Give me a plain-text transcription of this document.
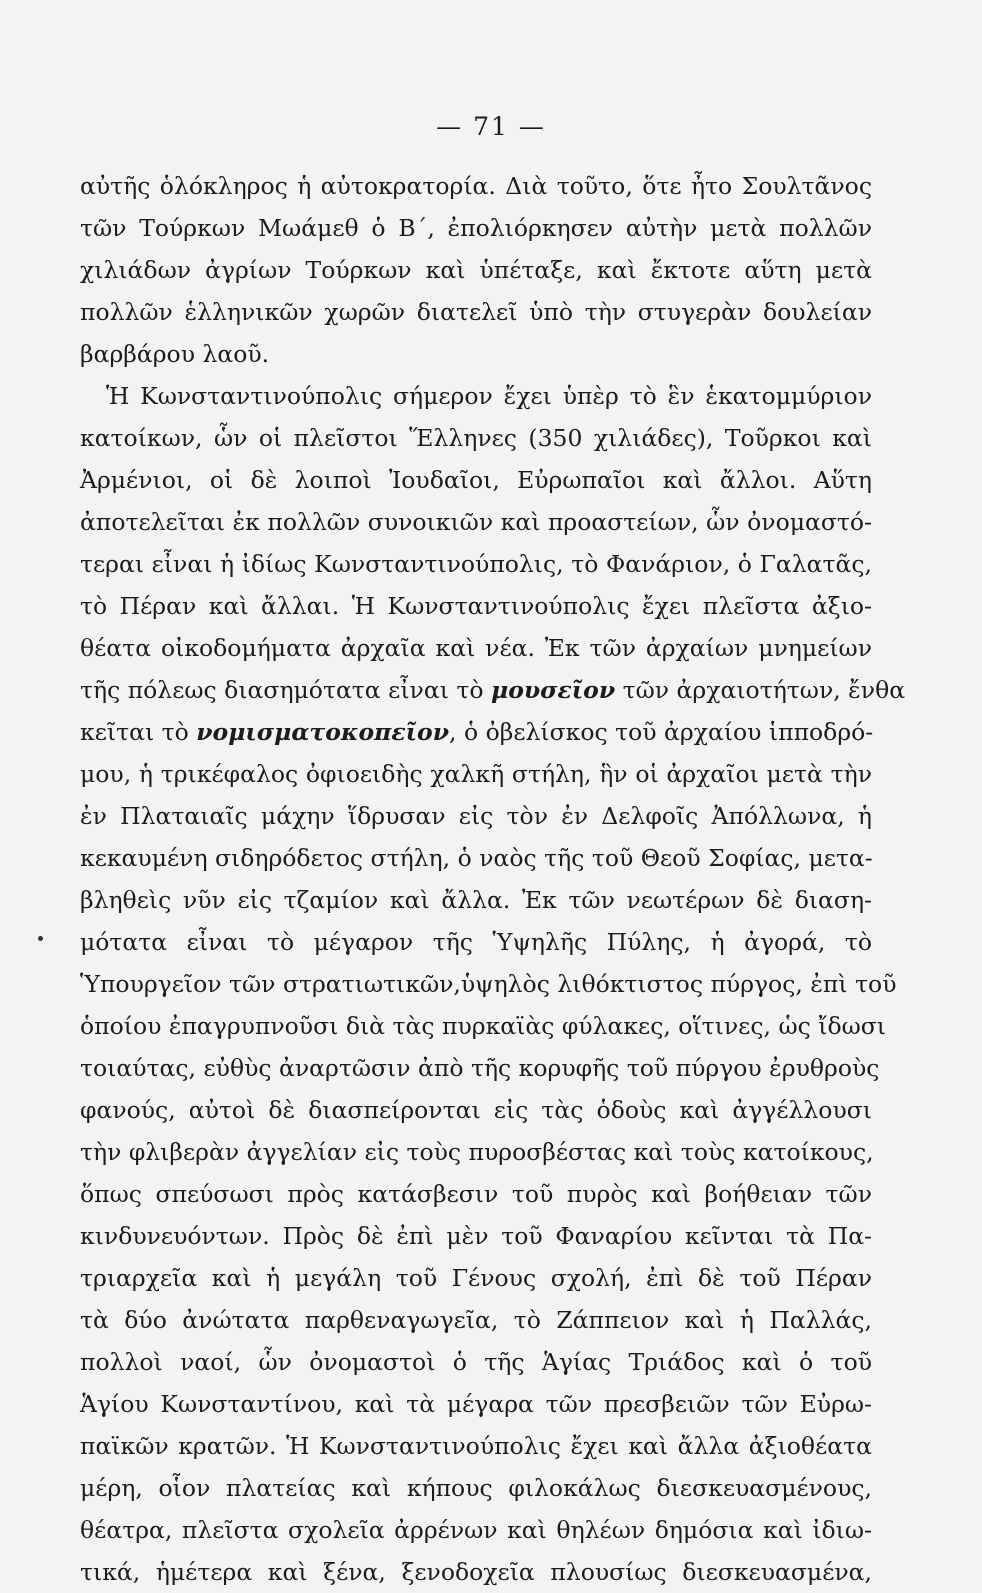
— 71 —
αὐτῆς ὁλόκληρος ἡ αὐτοκρατορία. Διὰ τοῦτο, ὅτε ἦτο Σουλτᾶνος
τῶν Τούρκων Μωάμεθ ὁ Β΄, ἐπολιόρκησεν αὐτὴν μετὰ πολλῶν
χιλιάδων ἀγρίων Τούρκων καὶ ὑπέταξε, καὶ ἔκτοτε αὕτη μετὰ
πολλῶν ἑλληνικῶν χωρῶν διατελεῖ ὑπὸ τὴν στυγερὰν δουλείαν
βαρβάρου λαοῦ.
Ἡ Κωνσταντινούπολις σήμερον ἔχει ὑπὲρ τὸ ἓν ἑκατομμύριον
κατοίκων, ὧν οἱ πλεῖστοι Ἕλληνες (350 χιλιάδες), Τοῦρκοι καὶ
Ἀρμένιοι, οἱ δὲ λοιποὶ Ἰουδαῖοι, Εὐρωπαῖοι καὶ ἄλλοι. Αὕτη
ἀποτελεῖται ἐκ πολλῶν συνοικιῶν καὶ προαστείων, ὧν ὀνομαστό-
τεραι εἶναι ἡ ἰδίως Κωνσταντινούπολις, τὸ Φανάριον, ὁ Γαλατᾶς,
τὸ Πέραν καὶ ἄλλαι. Ἡ Κωνσταντινούπολις ἔχει πλεῖστα ἀξιο-
θέατα οἰκοδομήματα ἀρχαῖα καὶ νέα. Ἐκ τῶν ἀρχαίων μνημείων
τῆς πόλεως διασημότατα εἶναι τὸ μουσεῖον τῶν ἀρχαιοτήτων, ἔνθα
κεῖται τὸ νομισματοκοπεῖον, ὁ ὀβελίσκος τοῦ ἀρχαίου ἱπποδρό-
μου, ἡ τρικέφαλος ὀφιοειδὴς χαλκῆ στήλη, ἣν οἱ ἀρχαῖοι μετὰ τὴν
ἐν Πλαταιαῖς μάχην ἵδρυσαν εἰς τὸν ἐν Δελφοῖς Ἀπόλλωνα, ἡ
κεκαυμένη σιδηρόδετος στήλη, ὁ ναὸς τῆς τοῦ Θεοῦ Σοφίας, μετα-
βληθεὶς νῦν εἰς τζαμίον καὶ ἄλλα. Ἐκ τῶν νεωτέρων δὲ διαση-
μότατα εἶναι τὸ μέγαρον τῆς Ὑψηλῆς Πύλης, ἡ ἀγορά, τὸ
Ὑπουργεῖον τῶν στρατιωτικῶν,ὑψηλὸς λιθόκτιστος πύργος, ἐπὶ τοῦ
ὁποίου ἐπαγρυπνοῦσι διὰ τὰς πυρκαϊὰς φύλακες, οἵτινες, ὡς ἴδωσι
τοιαύτας, εὐθὺς ἀναρτῶσιν ἀπὸ τῆς κορυφῆς τοῦ πύργου ἐρυθροὺς
φανούς, αὐτοὶ δὲ διασπείρονται εἰς τὰς ὁδοὺς καὶ ἀγγέλλουσι
τὴν φλιβερὰν ἀγγελίαν εἰς τοὺς πυροσβέστας καὶ τοὺς κατοίκους,
ὅπως σπεύσωσι πρὸς κατάσβεσιν τοῦ πυρὸς καὶ βοήθειαν τῶν
κινδυνευόντων. Πρὸς δὲ ἐπὶ μὲν τοῦ Φαναρίου κεῖνται τὰ Πα-
τριαρχεῖα καὶ ἡ μεγάλη τοῦ Γένους σχολή, ἐπὶ δὲ τοῦ Πέραν
τὰ δύο ἀνώτατα παρθεναγωγεῖα, τὸ Ζάππειον καὶ ἡ Παλλάς,
πολλοὶ ναοί, ὧν ὀνομαστοὶ ὁ τῆς Ἁγίας Τριάδος καὶ ὁ τοῦ
Ἁγίου Κωνσταντίνου, καὶ τὰ μέγαρα τῶν πρεσβειῶν τῶν Εὐρω-
παϊκῶν κρατῶν. Ἡ Κωνσταντινούπολις ἔχει καὶ ἄλλα ἀξιοθέατα
μέρη, οἷον πλατείας καὶ κήπους φιλοκάλως διεσκευασμένους,
θέατρα, πλεῖστα σχολεῖα ἀρρένων καὶ θηλέων δημόσια καὶ ἰδιω-
τικά, ἡμέτερα καὶ ξένα, ξενοδοχεῖα πλουσίως διεσκευασμένα,
